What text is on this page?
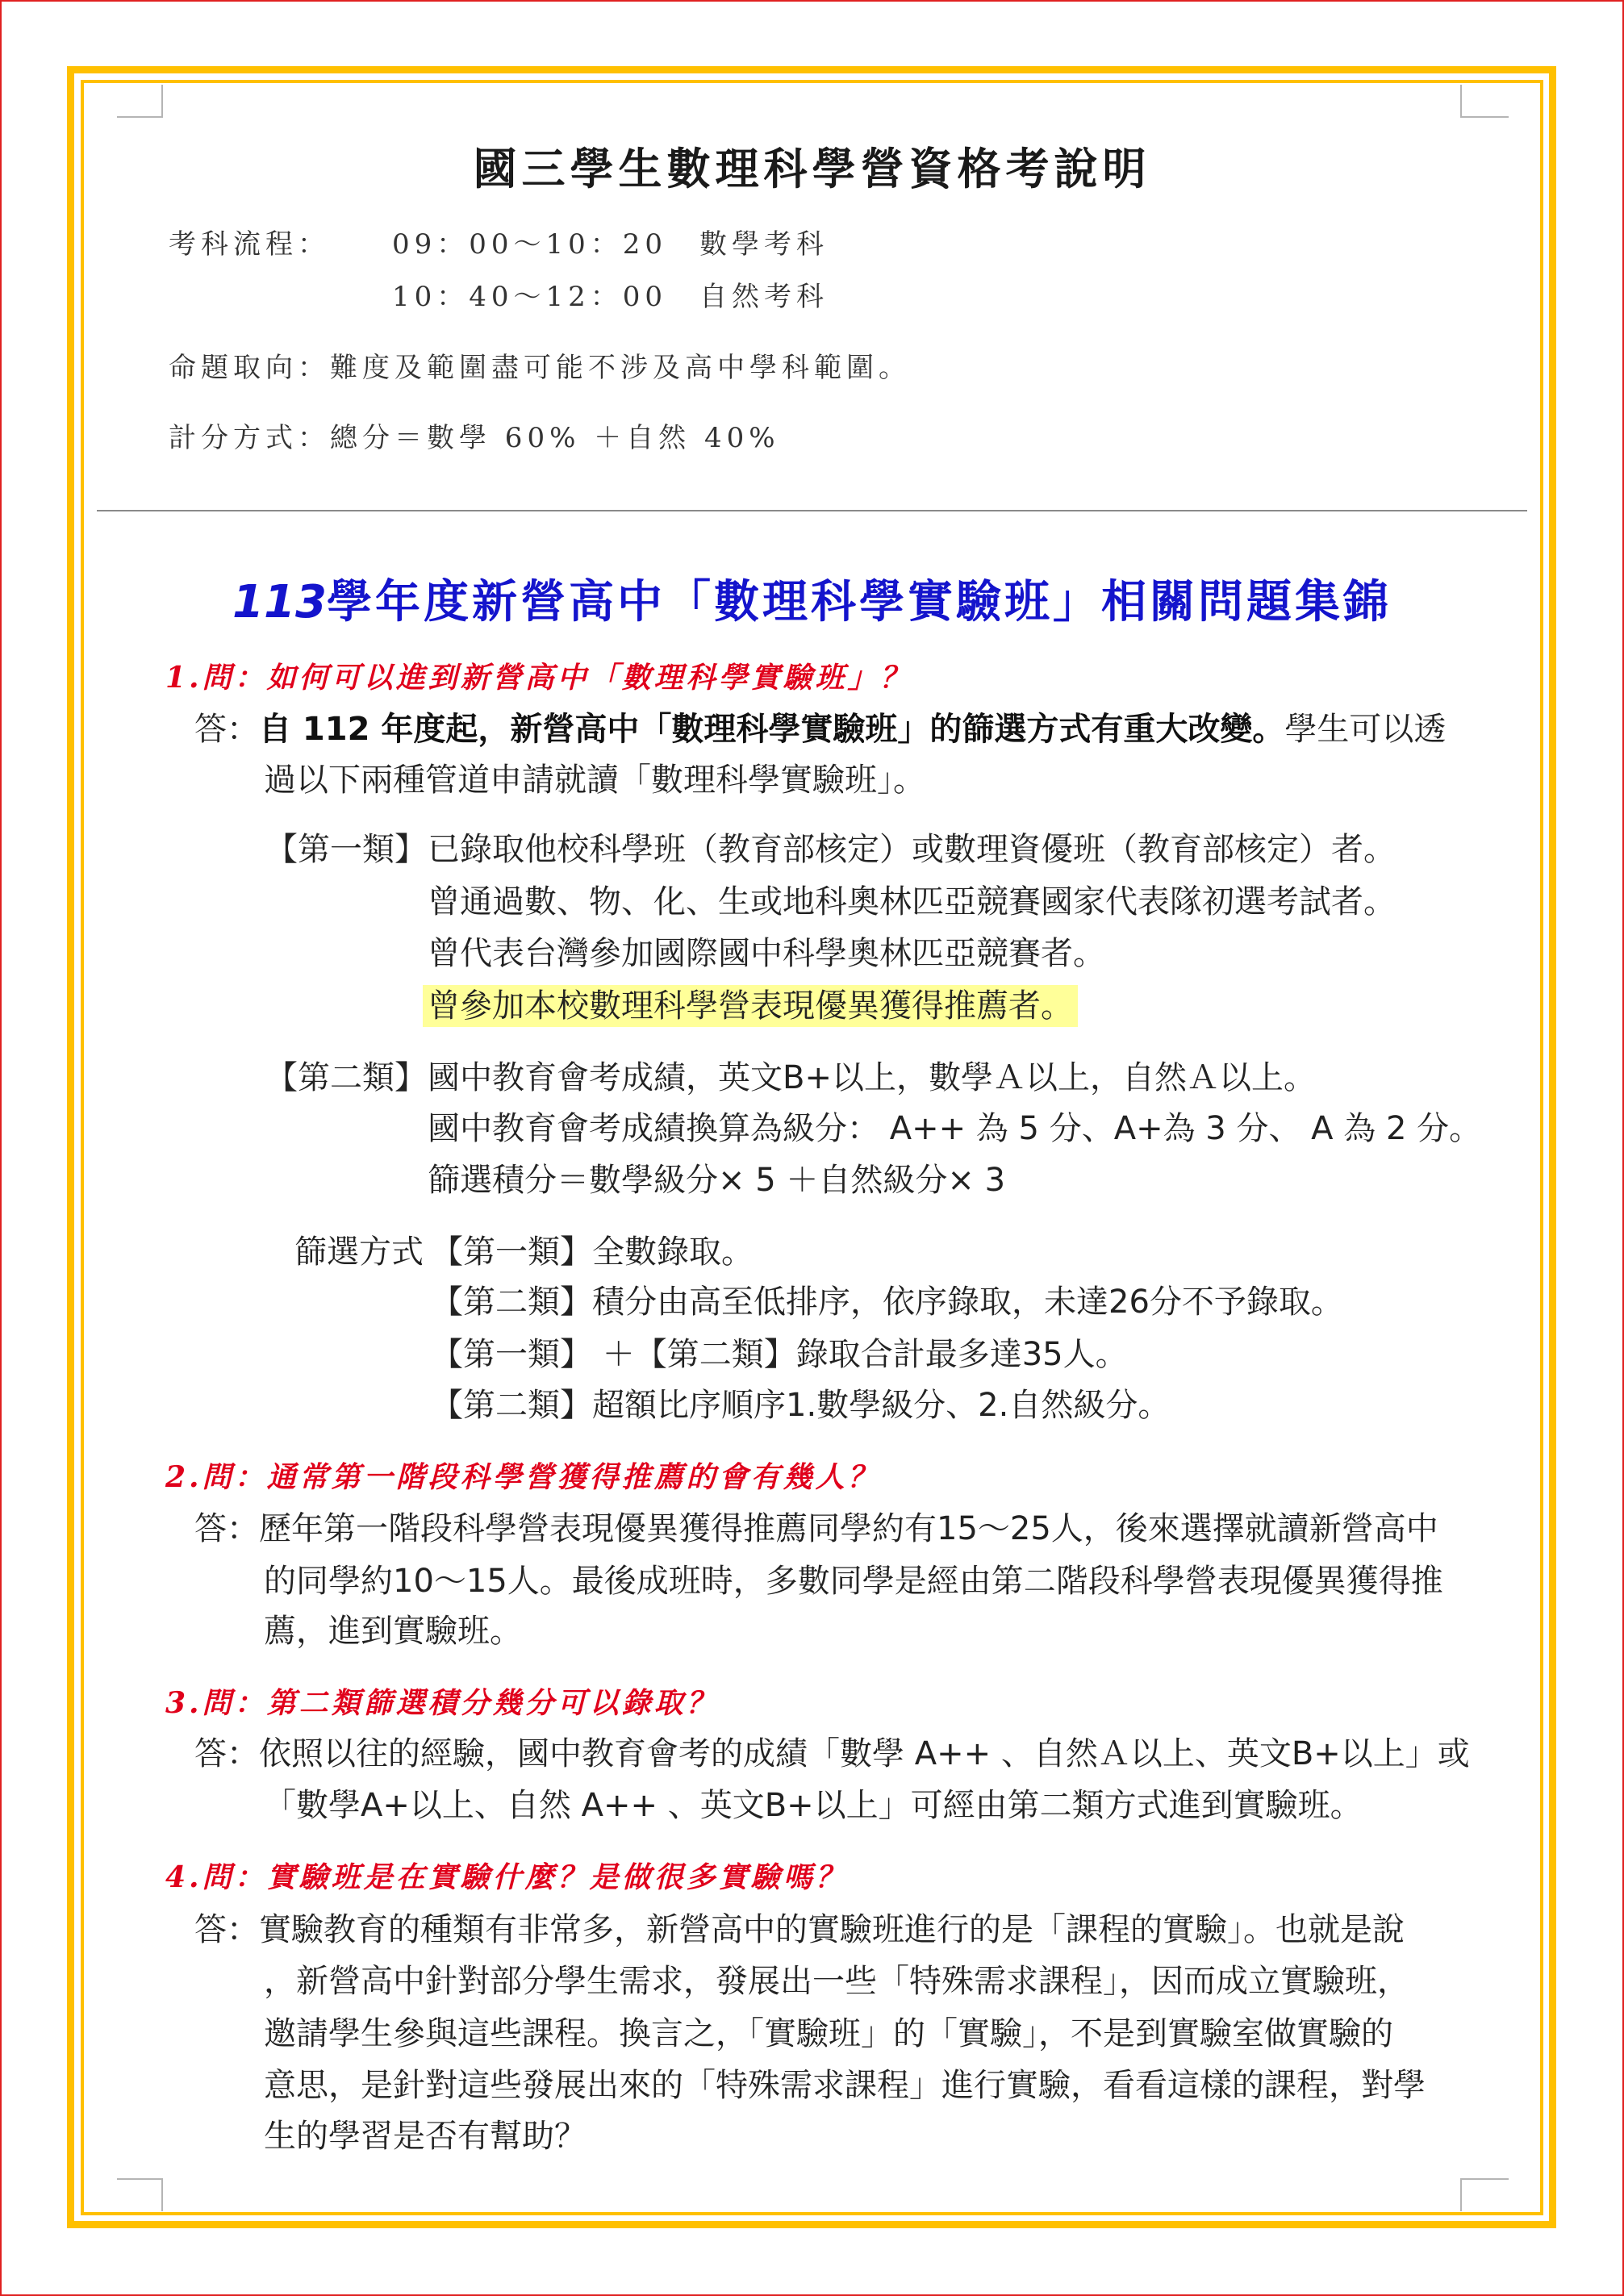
國三學生數理科學營資格考說明
考科流程： 09：00～10：20　數學考科
10：40～12：00　自然考科
命題取向：難度及範圍盡可能不涉及高中學科範圍。
計分方式：總分＝數學 60% ＋自然 40%
113學年度新營高中「數理科學實驗班」相關問題集錦
1.問：如何可以進到新營高中「數理科學實驗班」？
答：自 112 年度起，新營高中「數理科學實驗班」的篩選方式有重大改變。學生可以透
過以下兩種管道申請就讀「數理科學實驗班」。
【第一類】 已錄取他校科學班（教育部核定）或數理資優班（教育部核定）者。
曾通過數、物、化、生或地科奧林匹亞競賽國家代表隊初選考試者。
曾代表台灣參加國際國中科學奧林匹亞競賽者。
曾參加本校數理科學營表現優異獲得推薦者。
【第二類】 國中教育會考成績，英文B+以上，數學Ａ以上，自然Ａ以上。
國中教育會考成績換算為級分： A++ 為 5 分、A+為 3 分、 A 為 2 分。
篩選積分＝數學級分× 5 ＋自然級分× 3
篩選方式 【第一類】全數錄取。
【第二類】積分由高至低排序，依序錄取，未達26分不予錄取。
【第一類】 ＋【第二類】錄取合計最多達35人。
【第二類】超額比序順序1.數學級分、2.自然級分。
2.問：通常第一階段科學營獲得推薦的會有幾人？
答：歷年第一階段科學營表現優異獲得推薦同學約有15～25人，後來選擇就讀新營高中
的同學約10～15人。最後成班時，多數同學是經由第二階段科學營表現優異獲得推
薦，進到實驗班。
3.問：第二類篩選積分幾分可以錄取？
答：依照以往的經驗，國中教育會考的成績「數學 A++ 、自然Ａ以上、英文B+以上」或
「數學A+以上、自然 A++ 、英文B+以上」可經由第二類方式進到實驗班。
4.問：實驗班是在實驗什麼？是做很多實驗嗎？
答：實驗教育的種類有非常多，新營高中的實驗班進行的是「課程的實驗」。也就是說
，新營高中針對部分學生需求，發展出一些「特殊需求課程」，因而成立實驗班，
邀請學生參與這些課程。換言之，「實驗班」的「實驗」，不是到實驗室做實驗的
意思，是針對這些發展出來的「特殊需求課程」進行實驗，看看這樣的課程，對學
生的學習是否有幫助？
